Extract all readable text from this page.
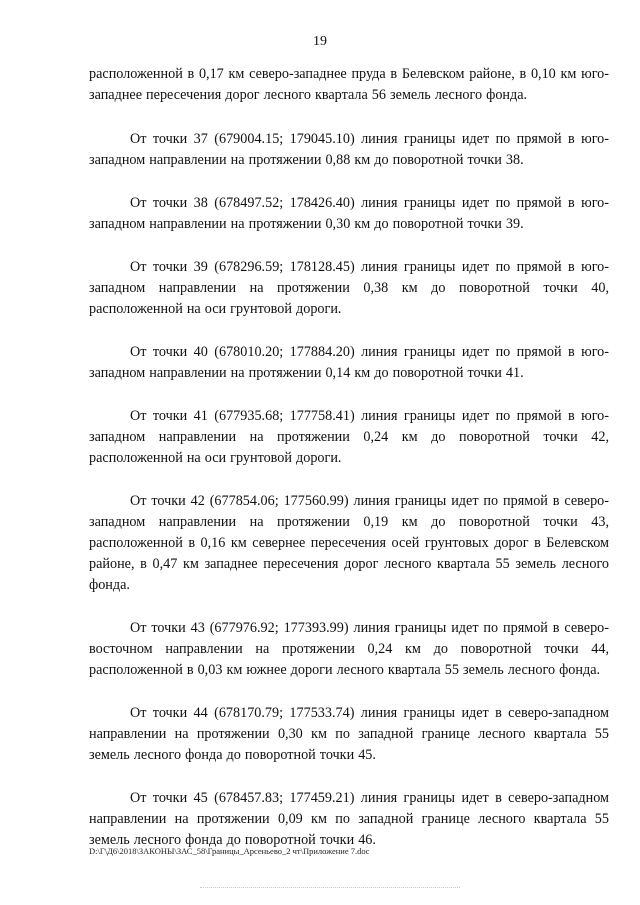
19

расположенной в 0,17 км северо-западнее пруда в Белевском районе, в 0,10 км юго-западнее пересечения дорог лесного квартала 56 земель лесного фонда.

От точки 37 (679004.15; 179045.10) линия границы идет по прямой в юго-западном направлении на протяжении 0,88 км до поворотной точки 38.

От точки 38 (678497.52; 178426.40) линия границы идет по прямой в юго-западном направлении на протяжении 0,30 км до поворотной точки 39.

От точки 39 (678296.59; 178128.45) линия границы идет по прямой в юго-западном направлении на протяжении 0,38 км до поворотной точки 40, расположенной на оси грунтовой дороги.

От точки 40 (678010.20; 177884.20) линия границы идет по прямой в юго-западном направлении на протяжении 0,14 км до поворотной точки 41.

От точки 41 (677935.68; 177758.41) линия границы идет по прямой в юго-западном направлении на протяжении 0,24 км до поворотной точки 42, расположенной на оси грунтовой дороги.

От точки 42 (677854.06; 177560.99) линия границы идет по прямой в северо-западном направлении на протяжении 0,19 км до поворотной точки 43, расположенной в 0,16 км севернее пересечения осей грунтовых дорог в Белевском районе, в 0,47 км западнее пересечения дорог лесного квартала 55 земель лесного фонда.

От точки 43 (677976.92; 177393.99) линия границы идет по прямой в северо-восточном направлении на протяжении 0,24 км до поворотной точки 44, расположенной в 0,03 км южнее дороги лесного квартала 55 земель лесного фонда.

От точки 44 (678170.79; 177533.74) линия границы идет в северо-западном направлении на протяжении 0,30 км по западной границе лесного квартала 55 земель лесного фонда до поворотной точки 45.

От точки 45 (678457.83; 177459.21) линия границы идет в северо-западном направлении на протяжении 0,09 км по западной границе лесного квартала 55 земель лесного фонда до поворотной точки 46.

D:\Г\Д6\2018\ЗАКОНЫ\ЗАС_58\Границы_Арсеньево_2 чт\Приложение 7.doc
